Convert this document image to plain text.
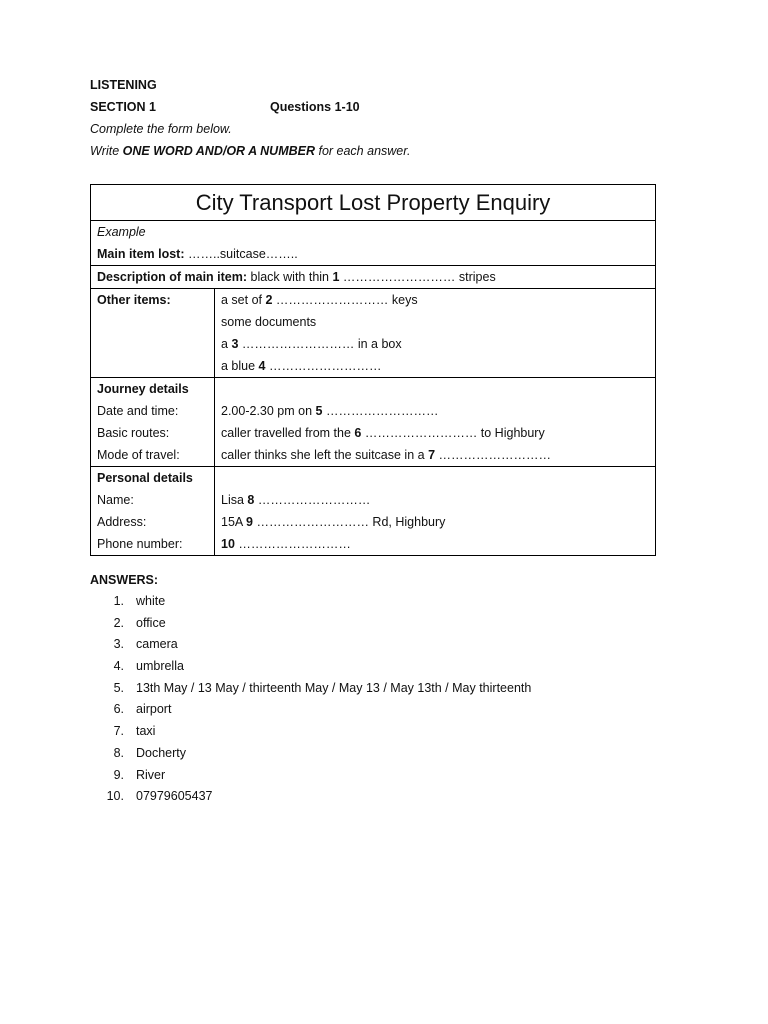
LISTENING
SECTION 1	Questions 1-10
Complete the form below.
Write ONE WORD AND/OR A NUMBER for each answer.
City Transport Lost Property Enquiry
Example
Main item lost: ……..suitcase……..
Description of main item: black with thin 1 ……………………… stripes
Other items:	a set of 2 ……………………… keys
some documents
a 3 ……………………… in a box
a blue 4 ………………………
Journey details
Date and time:
Basic routes:
Mode of travel:
2.00-2.30 pm on 5 ………………………
caller travelled from the 6 ……………………… to Highbury
caller thinks she left the suitcase in a 7 ………………………
Personal details
Name:
Address:
Phone number:
Lisa 8 ………………………
15A 9 ……………………… Rd, Highbury
10 ………………………
ANSWERS:
1. white
2. office
3. camera
4. umbrella
5. 13th May / 13 May / thirteenth May / May 13 / May 13th / May thirteenth
6. airport
7. taxi
8. Docherty
9. River
10. 07979605437
